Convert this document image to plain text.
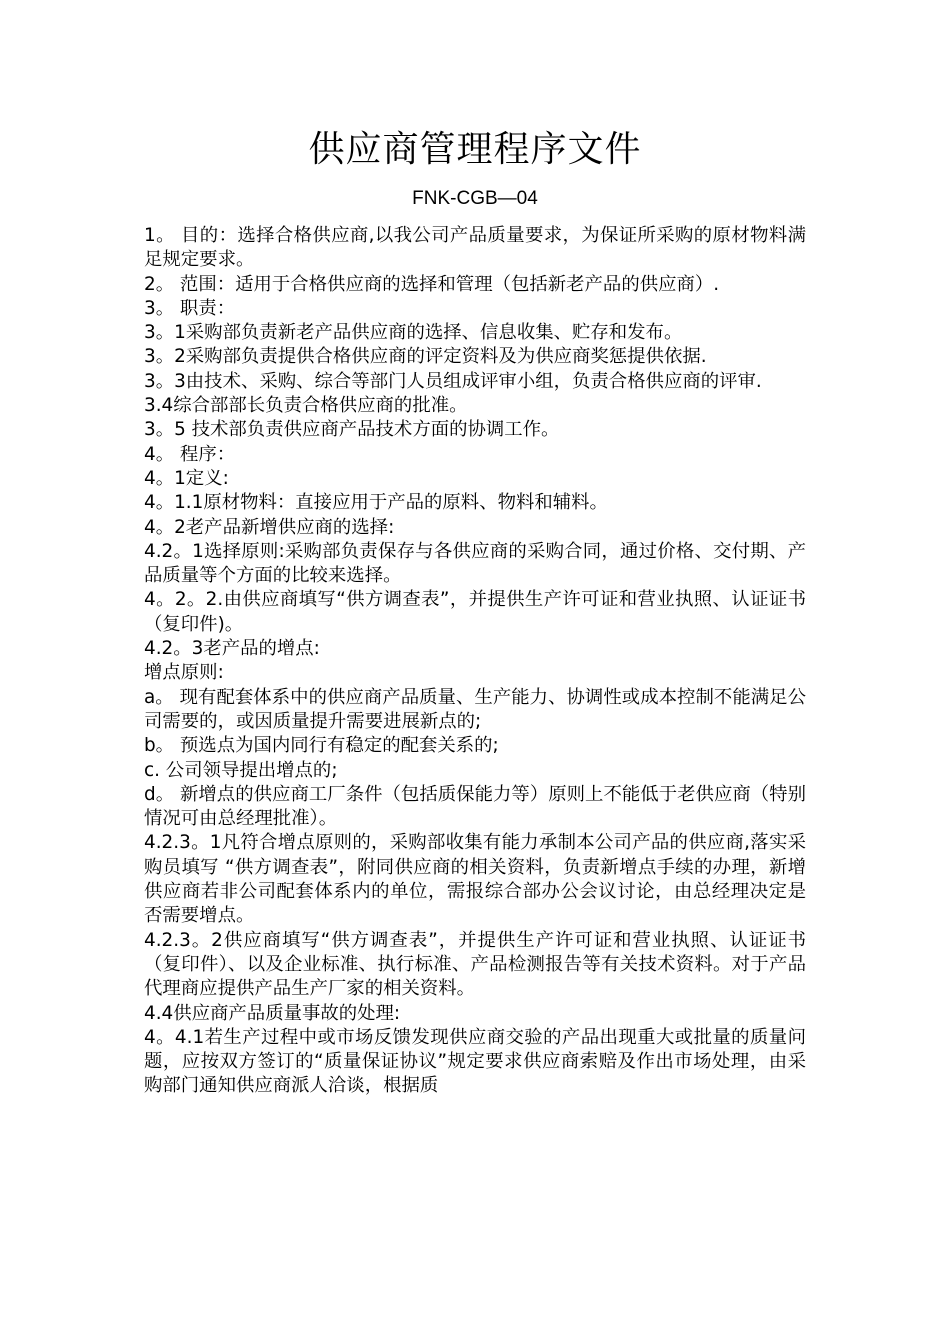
供应商管理程序文件
FNK-CGB—04

1。 目的：选择合格供应商,以我公司产品质量要求，为保证所采购的原材物料满足规定要求。

2。 范围：适用于合格供应商的选择和管理（包括新老产品的供应商）.

3。 职责：

3。1采购部负责新老产品供应商的选择、信息收集、贮存和发布。

3。2采购部负责提供合格供应商的评定资料及为供应商奖惩提供依据.

3。3由技术、采购、综合等部门人员组成评审小组，负责合格供应商的评审.

3.4综合部部长负责合格供应商的批准。

3。5 技术部负责供应商产品技术方面的协调工作。

4。 程序：

4。1定义:

4。1.1原材物料：直接应用于产品的原料、物料和辅料。

4。2老产品新增供应商的选择:

4.2。1选择原则:采购部负责保存与各供应商的采购合同，通过价格、交付期、产品质量等个方面的比较来选择。

4。2。2.由供应商填写“供方调查表”，并提供生产许可证和营业执照、认证证书（复印件)。

4.2。3老产品的增点:

增点原则:

a。 现有配套体系中的供应商产品质量、生产能力、协调性或成本控制不能满足公司需要的，或因质量提升需要进展新点的;

b。 预选点为国内同行有稳定的配套关系的;

c. 公司领导提出增点的;

d。 新增点的供应商工厂条件（包括质保能力等）原则上不能低于老供应商（特别情况可由总经理批准）。

4.2.3。1凡符合增点原则的，采购部收集有能力承制本公司产品的供应商,落实采购员填写 “供方调查表”，附同供应商的相关资料，负责新增点手续的办理，新增供应商若非公司配套体系内的单位，需报综合部办公会议讨论，由总经理决定是否需要增点。

4.2.3。2供应商填写“供方调查表”，并提供生产许可证和营业执照、认证证书（复印件）、以及企业标准、执行标准、产品检测报告等有关技术资料。对于产品代理商应提供产品生产厂家的相关资料。

4.4供应商产品质量事故的处理:

4。4.1若生产过程中或市场反馈发现供应商交验的产品出现重大或批量的质量问题，应按双方签订的“质量保证协议”规定要求供应商索赔及作出市场处理，由采购部门通知供应商派人洽谈，根据质
